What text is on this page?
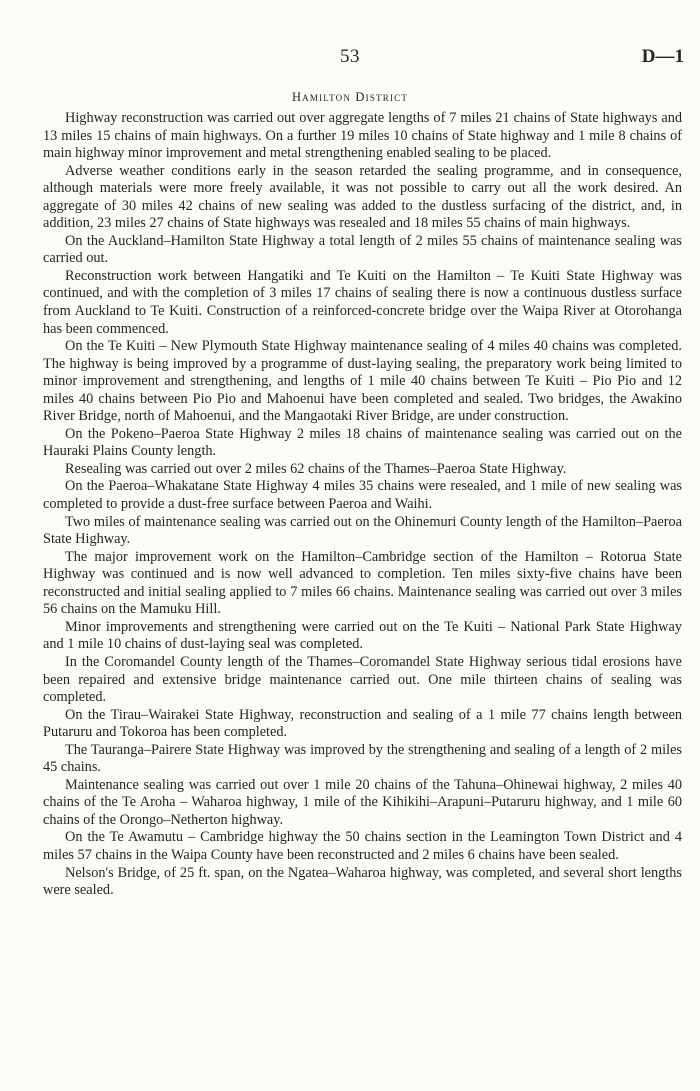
53	D—1
Hamilton District

Highway reconstruction was carried out over aggregate lengths of 7 miles 21 chains of State highways and 13 miles 15 chains of main highways. On a further 19 miles 10 chains of State highway and 1 mile 8 chains of main highway minor improvement and metal strengthening enabled sealing to be placed.

Adverse weather conditions early in the season retarded the sealing programme, and in consequence, although materials were more freely available, it was not possible to carry out all the work desired. An aggregate of 30 miles 42 chains of new sealing was added to the dustless surfacing of the district, and, in addition, 23 miles 27 chains of State highways was resealed and 18 miles 55 chains of main highways.

On the Auckland–Hamilton State Highway a total length of 2 miles 55 chains of maintenance sealing was carried out.

Reconstruction work between Hangatiki and Te Kuiti on the Hamilton – Te Kuiti State Highway was continued, and with the completion of 3 miles 17 chains of sealing there is now a continuous dustless surface from Auckland to Te Kuiti. Construction of a reinforced-concrete bridge over the Waipa River at Otorohanga has been commenced.

On the Te Kuiti – New Plymouth State Highway maintenance sealing of 4 miles 40 chains was completed. The highway is being improved by a programme of dust-laying sealing, the preparatory work being limited to minor improvement and strengthening, and lengths of 1 mile 40 chains between Te Kuiti – Pio Pio and 12 miles 40 chains between Pio Pio and Mahoenui have been completed and sealed. Two bridges, the Awakino River Bridge, north of Mahoenui, and the Mangaotaki River Bridge, are under construction.

On the Pokeno–Paeroa State Highway 2 miles 18 chains of maintenance sealing was carried out on the Hauraki Plains County length.

Resealing was carried out over 2 miles 62 chains of the Thames–Paeroa State Highway.

On the Paeroa–Whakatane State Highway 4 miles 35 chains were resealed, and 1 mile of new sealing was completed to provide a dust-free surface between Paeroa and Waihi.

Two miles of maintenance sealing was carried out on the Ohinemuri County length of the Hamilton–Paeroa State Highway.

The major improvement work on the Hamilton–Cambridge section of the Hamilton – Rotorua State Highway was continued and is now well advanced to completion. Ten miles sixty-five chains have been reconstructed and initial sealing applied to 7 miles 66 chains. Maintenance sealing was carried out over 3 miles 56 chains on the Mamuku Hill.

Minor improvements and strengthening were carried out on the Te Kuiti – National Park State Highway and 1 mile 10 chains of dust-laying seal was completed.

In the Coromandel County length of the Thames–Coromandel State Highway serious tidal erosions have been repaired and extensive bridge maintenance carried out. One mile thirteen chains of sealing was completed.

On the Tirau–Wairakei State Highway, reconstruction and sealing of a 1 mile 77 chains length between Putaruru and Tokoroa has been completed.

The Tauranga–Pairere State Highway was improved by the strengthening and sealing of a length of 2 miles 45 chains.

Maintenance sealing was carried out over 1 mile 20 chains of the Tahuna–Ohinewai highway, 2 miles 40 chains of the Te Aroha – Waharoa highway, 1 mile of the Kihikihi–Arapuni–Putaruru highway, and 1 mile 60 chains of the Orongo–Netherton highway.

On the Te Awamutu – Cambridge highway the 50 chains section in the Leamington Town District and 4 miles 57 chains in the Waipa County have been reconstructed and 2 miles 6 chains have been sealed.

Nelson's Bridge, of 25 ft. span, on the Ngatea–Waharoa highway, was completed, and several short lengths were sealed.
